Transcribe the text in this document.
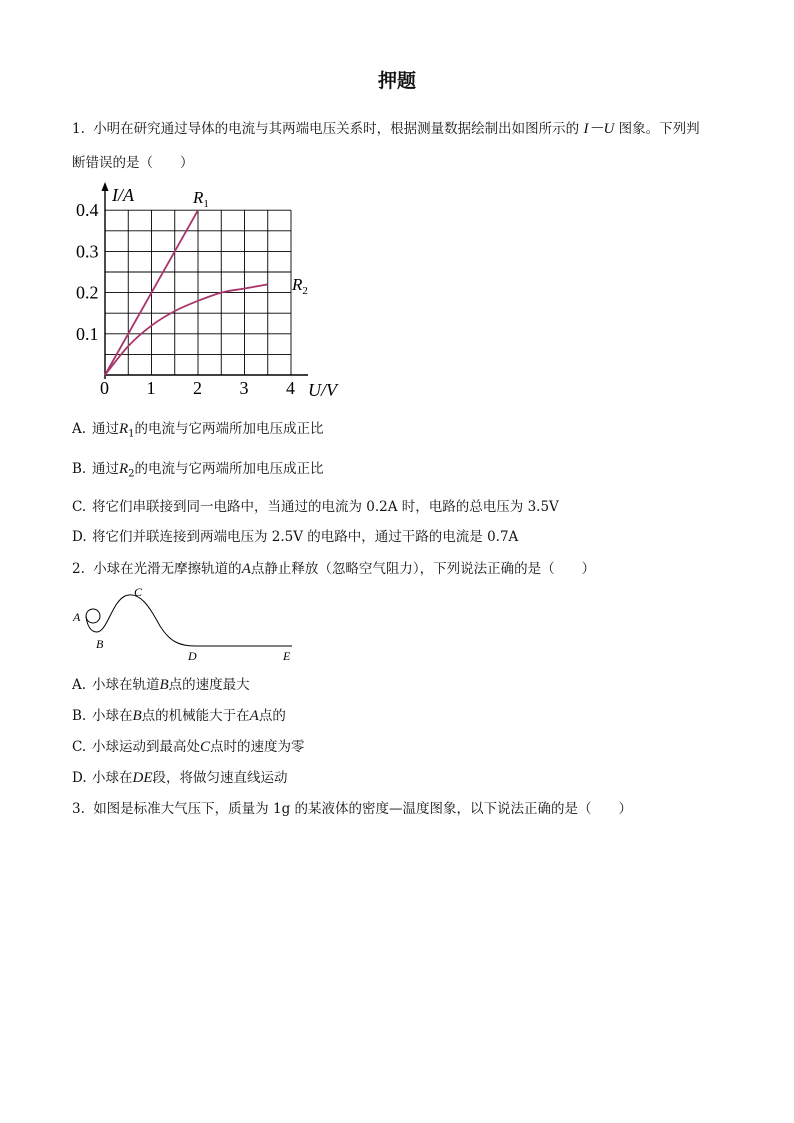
押题
1. 小明在研究通过导体的电流与其两端电压关系时，根据测量数据绘制出如图所示的 I－U 图象。下列判
断错误的是（　　）
I/A
U/V
0 1 2 3 4
0.1
0.2
0.3
0.4
$R_1$
$R_2$
A. 通过$R_1$的电流与它两端所加电压成正比
B. 通过$R_2$的电流与它两端所加电压成正比
C. 将它们串联接到同一电路中，当通过的电流为 0.2A 时，电路的总电压为 3.5V
D. 将它们并联连接到两端电压为 2.5V 的电路中，通过干路的电流是 0.7A
2. 小球在光滑无摩擦轨道的A点静止释放（忽略空气阻力），下列说法正确的是（　　）
A
B
C
D	E
A. 小球在轨道B点的速度最大
B. 小球在B点的机械能大于在A点的
C. 小球运动到最高处C点时的速度为零
D. 小球在DE段，将做匀速直线运动
3. 如图是标准大气压下，质量为 1g 的某液体的密度—温度图象，以下说法正确的是（　　）
